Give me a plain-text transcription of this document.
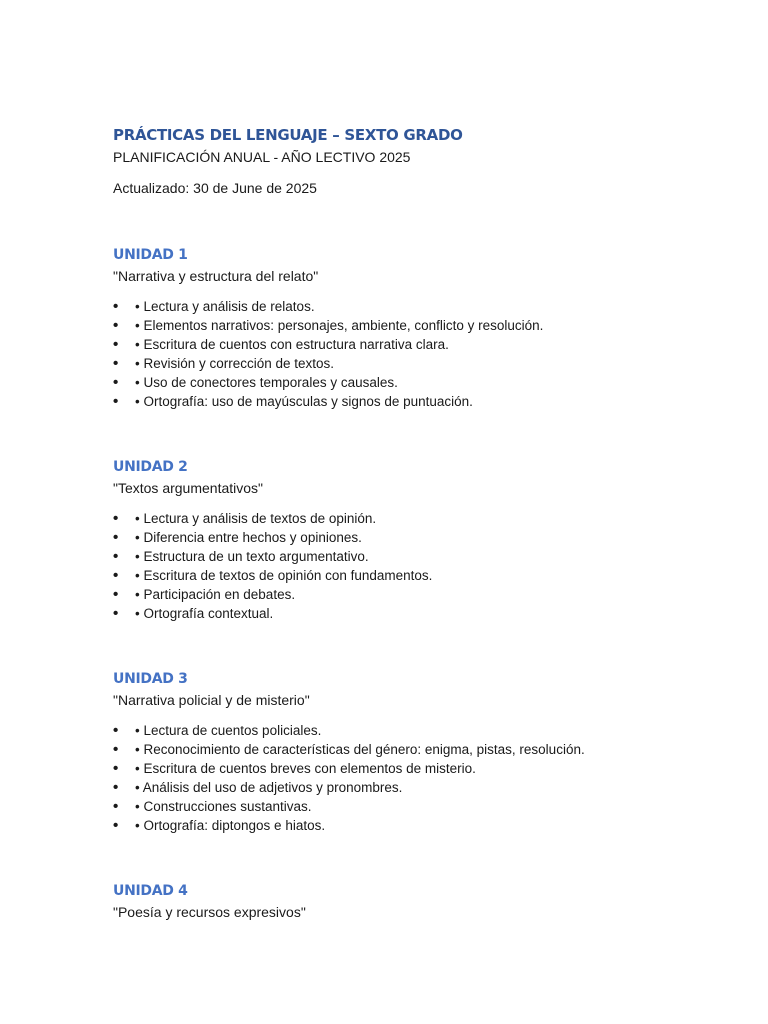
PRÁCTICAS DEL LENGUAJE – SEXTO GRADO

PLANIFICACIÓN ANUAL - AÑO LECTIVO 2025

Actualizado: 30 de June de 2025

UNIDAD 1

"Narrativa y estructura del relato"

• • Lectura y análisis de relatos.
• • Elementos narrativos: personajes, ambiente, conflicto y resolución.
• • Escritura de cuentos con estructura narrativa clara.
• • Revisión y corrección de textos.
• • Uso de conectores temporales y causales.
• • Ortografía: uso de mayúsculas y signos de puntuación.
UNIDAD 2

"Textos argumentativos"

• • Lectura y análisis de textos de opinión.
• • Diferencia entre hechos y opiniones.
• • Estructura de un texto argumentativo.
• • Escritura de textos de opinión con fundamentos.
• • Participación en debates.
• • Ortografía contextual.
UNIDAD 3

"Narrativa policial y de misterio"

• • Lectura de cuentos policiales.
• • Reconocimiento de características del género: enigma, pistas, resolución.
• • Escritura de cuentos breves con elementos de misterio.
• • Análisis del uso de adjetivos y pronombres.
• • Construcciones sustantivas.
• • Ortografía: diptongos e hiatos.
UNIDAD 4

"Poesía y recursos expresivos"
